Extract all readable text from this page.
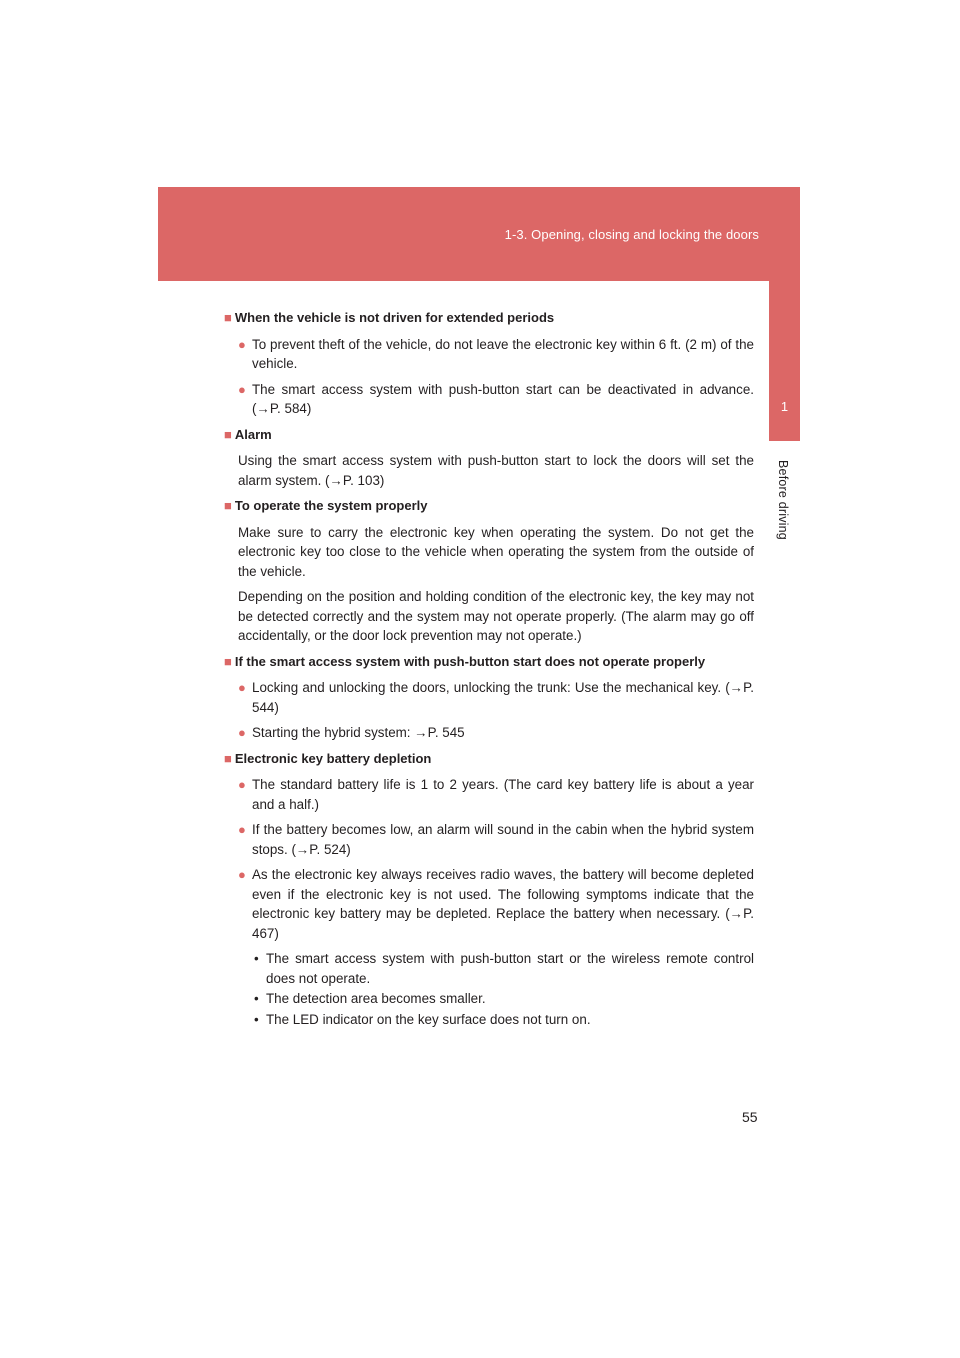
1-3. Opening, closing and locking the doors
1
Before driving
■ When the vehicle is not driven for extended periods
● To prevent theft of the vehicle, do not leave the electronic key within 6 ft. (2 m) of the vehicle.
● The smart access system with push-button start can be deactivated in advance. (→P. 584)
■ Alarm
Using the smart access system with push-button start to lock the doors will set the alarm system. (→P. 103)
■ To operate the system properly
Make sure to carry the electronic key when operating the system. Do not get the electronic key too close to the vehicle when operating the system from the outside of the vehicle.
Depending on the position and holding condition of the electronic key, the key may not be detected correctly and the system may not operate properly. (The alarm may go off accidentally, or the door lock prevention may not operate.)
■ If the smart access system with push-button start does not operate properly
● Locking and unlocking the doors, unlocking the trunk: Use the mechanical key. (→P. 544)
● Starting the hybrid system: →P. 545
■ Electronic key battery depletion
● The standard battery life is 1 to 2 years. (The card key battery life is about a year and a half.)
● If the battery becomes low, an alarm will sound in the cabin when the hybrid system stops. (→P. 524)
● As the electronic key always receives radio waves, the battery will become depleted even if the electronic key is not used. The following symptoms indicate that the electronic key battery may be depleted. Replace the battery when necessary. (→P. 467)
• The smart access system with push-button start or the wireless remote control does not operate.
• The detection area becomes smaller.
• The LED indicator on the key surface does not turn on.
55
